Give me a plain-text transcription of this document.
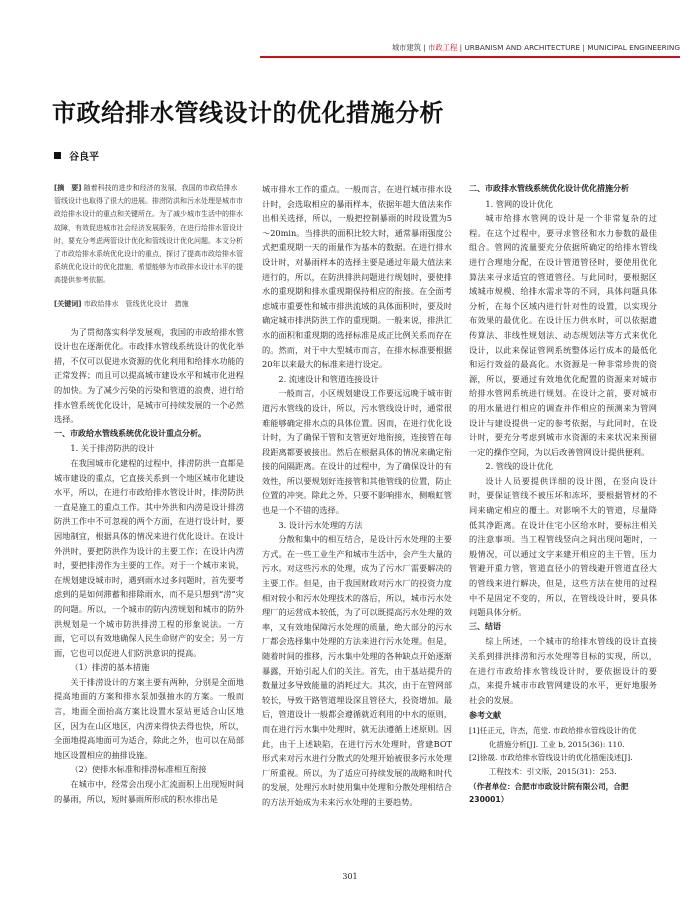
城市建筑 | 市政工程 | URBANISM AND ARCHITECTURE | MUNICIPAL ENGINEERING
市政给排水管线设计的优化措施分析
谷良平

[摘　要] 随着科技的进步和经济的发展，我国的市政给排水管线设计也取得了很大的进展。排涝防洪和污水处理是城市市政给排水设计的重点和关键所在。为了减少城市生活中的排水故障，有效促进城市社会经济发展服务，在进行给排水管设计时，要充分考虑两管设计优化和管线设计优化问题。本文分析了市政给排水系统优化设计的重点，探讨了提高市政给排水管系统优化设计的优化措施，希望能够为市政排水设计水平的提高提供参考依据。

[关键词] 市政给排水　管线优化设计　措施

为了贯彻落实科学发展观，我国的市政给排水管设计也在逐渐优化。市政排水管线系统设计的优化举措，不仅可以促进水资源的优化利用和给排水功能的正常发挥；而且可以提高城市建设水平和城市化进程的加快。为了减少污染的污染和管道的浪费，进行给排水管系统优化设计，是城市可持续发展的一个必然选择。

一、市政给水管线系统优化设计重点分析。

1. 关于排涝防洪的设计

在我国城市化建程的过程中，排涝防洪一直都是城市建设的重点，它直接关系到一个地区城市化建设水平，所以，在进行市政给排水管设计时，排涝防洪一直是施工的重点工作。其中外洪和内涝是设计排涝防洪工作中不可忽视的两个方面，在进行设计时，要因地制宜，根据具体的情况来进行优化设计。在设计外洪时，要把防洪作为设计的主要工作；在设计内涝时，要把排涝作为主要的工作。对于一个城市来说，在规划建设城市时，遇到雨水过多问题时，首先要考虑到的是如何滞蓄和排除雨水，而不是只想到“涝”灾的问题。所以，一个城市的防内涝规划和城市的防外洪规划是一个城市防洪排涝工程的形象说法。一方面，它可以有效地确保人民生命财产的安全；另一方面，它也可以促进人们防洪意识的提高。

（1）排涝的基本措施

关于排涝设计的方案主要有两种，分别是全面地提高地面的方案和排水泵加强抽水的方案。一般而言，地面全面抬高方案比设置水泵站更适合山区地区，因为在山区地区，内涝来得快去得也快，所以，全面地提高地面可为适合，除此之外，也可以在局部地区设置相应的抽排设施。

（2）使排水标准和排涝标准相互衔接

在城市中，经常会出现小汇流面积上出现短时间的暴雨，所以，短时暴雨所形成的积水排出是

城市排水工作的重点。一般而言，在进行城市排水设计时，会选取相应的暴雨样本，依据年超大值法来作出相关选择，所以，一般把控制暴雨的时段设置为5～20min。当排洪的面积比较大时，通常暴雨强度公式把重现期一天的雨量作为基本的数据。在进行排水设计时，对暴雨样本的选择主要是通过年最大值法来进行的，所以，在防洪排洪问题进行规划时，要使排水的重现期和排水重现期保持相应的衔接。在全面考虑城市重要性和城市排洪流域的具体面积时，要及时确定城市排洪防洪工作的重现期。一般来说，排洪汇水的面积和重现期的选择标准是成正比例关系而存在的。然而，对于中大型城市而言，在排水标准要根据20年以来最大的标准来进行设定。

2. 流速设计和管道连接设计

一般而言，小区规划建设工作要远远晚于城市街道污水管线的设计，所以，污水管线设计时，通常很难能够确定排水点的具体位置。因而，在进行优化设计时，为了确保干管和支管更好地衔接，连接管在每段距离都要被接出。然后在根据具体的情况来确定衔接的间隔距离。在设计的过程中，为了确保设计的有效性，所以要规划好连接管和其他管线的位置，防止位置的冲突。除此之外，只要不影响排水，侧喉虹管也是一个不错的选择。

3. 设计污水处理的方法

分散和集中的相互结合，是设计污水处理的主要方式。在一些工业生产和城市生活中，会产生大量的污水。对这些污水的处理，成为了污水厂需要解决的主要工作。但是，由于我国财政对污水厂的投资力度相对较小和污水处理技术的落后，所以，城市污水处理厂的运营成本较低，为了可以既提高污水处理的效率，又有效地保障污水处理的质量，绝大部分的污水厂都会选择集中处理的方法来进行污水处理。但是，随着时间的推移，污水集中处理的各种缺点开始逐渐暴露，开始引起人们的关注。首先，由于基站提升的数量过多导致能量的消耗过大。其次，由于在管网部较长，导致干路管道埋设深且管径大，投资增加。最后，管道设计一般都会遵循就近利用的中水的原则，而在进行污水集中处理时，就无法遵循上述原则。因此，由于上述缺陷，在进行污水处理时，营建BOT形式来对污水进行分散式的处理开始被很多污水处理厂所重视。所以，为了适应可持续发展的战略和时代的发展，处理污水时使用集中处理和分散处理相结合的方法开始成为未来污水处理的主要趋势。

二、市政排水管线系统优化设计优化措施分析

1. 管网的设计优化

城市给排水管网的设计是一个非常复杂的过程。在这个过程中，要寻求管径和水力参数的最佳组合。管网的流量要充分依据所确定的给排水管线进行合理地分配，在设计管道管径时，要使用优化算法来寻求适宜的管道管径。与此同时，要根据区域城市规模、给排水需求等的不同，具体问题具体分析，在每个区域内进行针对性的设置，以实现分布效果的最优化。在设计压力供水时，可以依据遗传算法、非线性规划法、动态规划法等方式来优化设计，以此来保证管网系统整体运行成本的最低化和运行效益的最高化。水资源是一种非常珍贵的资源，所以，要通过有效地优化配置的资源来对城市给排水管网系统进行规划。在设计之前，要对城市的用水量进行相应的调查并作相应的预测来为管网设计与建设提供一定的参考依据，与此同时，在设计时，要充分考虑到城市水资源的未来状况来预留一定的操作空间，为以后改善管网设计提供便利。

2. 管线的设计优化

设计人员要提供详细的设计图，在竖向设计时，要保证管线不被压坏和冻坏，要根据管材的不同来确定相应的覆土。对影响不大的管道，尽量降低其净距离。在设计住宅小区给水时，要标注相关的注意事项。当工程管线竖向之间出现问题时，一般情况，可以通过文字来建开相应的主干管，压力管避开重力管，管道直径小的管线避开管道直径大的管线来进行解决，但是，这些方法在使用的过程中不是固定不变的，所以，在管线设计时，要具体问题具体分析。

三、结语

综上所述，一个城市的给排水管线的设计直接关系到排洪排涝和污水处理等目标的实现，所以，在进行市政给排水管线设计时，要依据设计的要点，来提升城市市政管网建设的水平，更好地服务社会的发展。

参考文献

[1]任正元，许杰，范堂. 市政给排水管线设计的优
化措施分析[J]. 工业 b, 2015(36): 110.

[2]徐晟. 市政给排水管线设计的优化措施浅述[J].
工程技术：引文版，2015(31)：253.

（作者单位：合肥市市政设计院有限公司，合肥 230001）

301
